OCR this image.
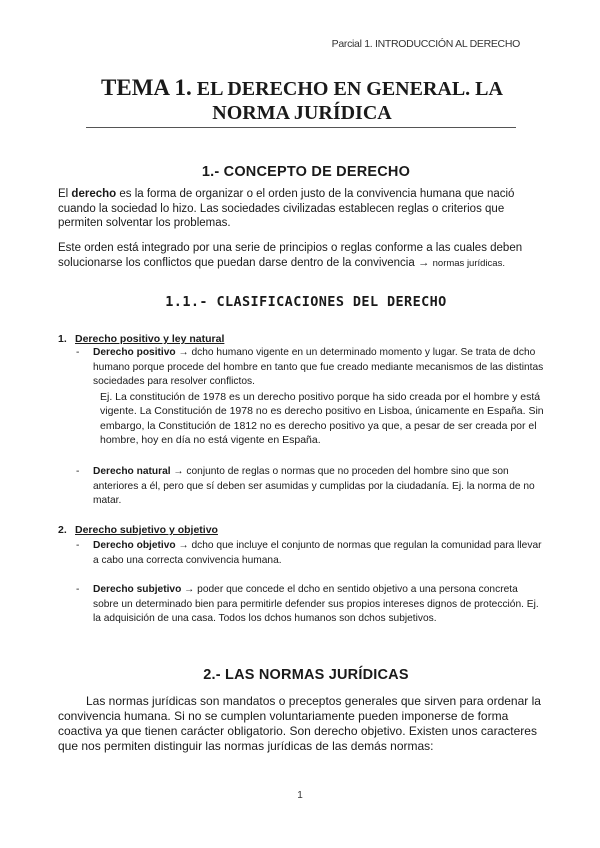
Parcial 1. INTRODUCCIÓN AL DERECHO
TEMA 1. EL DERECHO EN GENERAL. LA NORMA JURÍDICA
1.- CONCEPTO DE DERECHO

El derecho es la forma de organizar o el orden justo de la convivencia humana que nació cuando la sociedad lo hizo. Las sociedades civilizadas establecen reglas o criterios que permiten solventar los problemas.

Este orden está integrado por una serie de principios o reglas conforme a las cuales deben solucionarse los conflictos que puedan darse dentro de la convivencia → normas jurídicas.

1.1.- CLASIFICACIONES DEL DERECHO
1. Derecho positivo y ley natural

- Derecho positivo → dcho humano vigente en un determinado momento y lugar. Se trata de dcho humano porque procede del hombre en tanto que fue creado mediante mecanismos de las distintas sociedades para resolver conflictos.
Ej. La constitución de 1978 es un derecho positivo porque ha sido creada por el hombre y está vigente. La Constitución de 1978 no es derecho positivo en Lisboa, únicamente en España. Sin embargo, la Constitución de 1812 no es derecho positivo ya que, a pesar de ser creada por el hombre, hoy en día no está vigente en España.

- Derecho natural → conjunto de reglas o normas que no proceden del hombre sino que son anteriores a él, pero que sí deben ser asumidas y cumplidas por la ciudadanía. Ej. la norma de no matar.

2. Derecho subjetivo y objetivo

- Derecho objetivo → dcho que incluye el conjunto de normas que regulan la comunidad para llevar a cabo una correcta convivencia humana.

- Derecho subjetivo → poder que concede el dcho en sentido objetivo a una persona concreta sobre un determinado bien para permitirle defender sus propios intereses dignos de protección. Ej. la adquisición de una casa. Todos los dchos humanos son dchos subjetivos.

2.- LAS NORMAS JURÍDICAS

Las normas jurídicas son mandatos o preceptos generales que sirven para ordenar la convivencia humana. Si no se cumplen voluntariamente pueden imponerse de forma coactiva ya que tienen carácter obligatorio. Son derecho objetivo. Existen unos caracteres que nos permiten distinguir las normas jurídicas de las demás normas:

1
